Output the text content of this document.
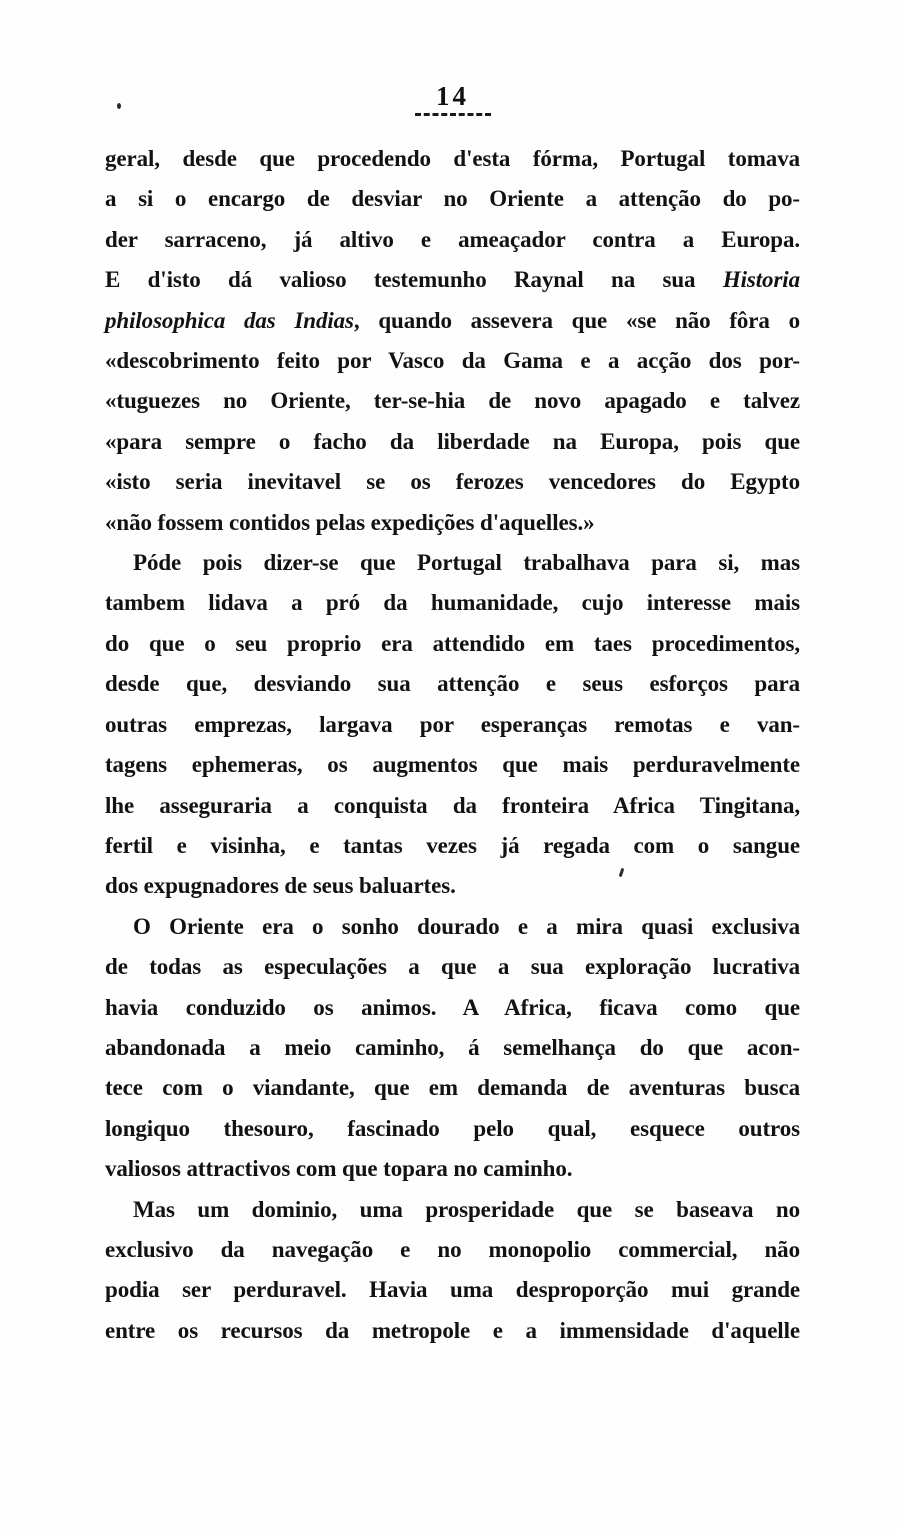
14
geral, desde que procedendo d'esta fórma, Portugal tomava
a si o encargo de desviar no Oriente a attenção do po-
der sarraceno, já altivo e ameaçador contra a Europa.
E d'isto dá valioso testemunho Raynal na sua Historia
philosophica das Indias, quando assevera que «se não fôra o
«descobrimento feito por Vasco da Gama e a acção dos por-
«tuguezes no Oriente, ter-se-hia de novo apagado e talvez
«para sempre o facho da liberdade na Europa, pois que
«isto seria inevitavel se os ferozes vencedores do Egypto
«não fossem contidos pelas expedições d'aquelles.»
Póde pois dizer-se que Portugal trabalhava para si, mas
tambem lidava a pró da humanidade, cujo interesse mais
do que o seu proprio era attendido em taes procedimentos,
desde que, desviando sua attenção e seus esforços para
outras emprezas, largava por esperanças remotas e van-
tagens ephemeras, os augmentos que mais perduravelmente
lhe asseguraria a conquista da fronteira Africa Tingitana,
fertil e visinha, e tantas vezes já regada com o sangue
dos expugnadores de seus baluartes.
O Oriente era o sonho dourado e a mira quasi exclusiva
de todas as especulações a que a sua exploração lucrativa
havia conduzido os animos. A Africa, ficava como que
abandonada a meio caminho, á semelhança do que acon-
tece com o viandante, que em demanda de aventuras busca
longiquo thesouro, fascinado pelo qual, esquece outros
valiosos attractivos com que topara no caminho.
Mas um dominio, uma prosperidade que se baseava no
exclusivo da navegação e no monopolio commercial, não
podia ser perduravel. Havia uma desproporção mui grande
entre os recursos da metropole e a immensidade d'aquelle
